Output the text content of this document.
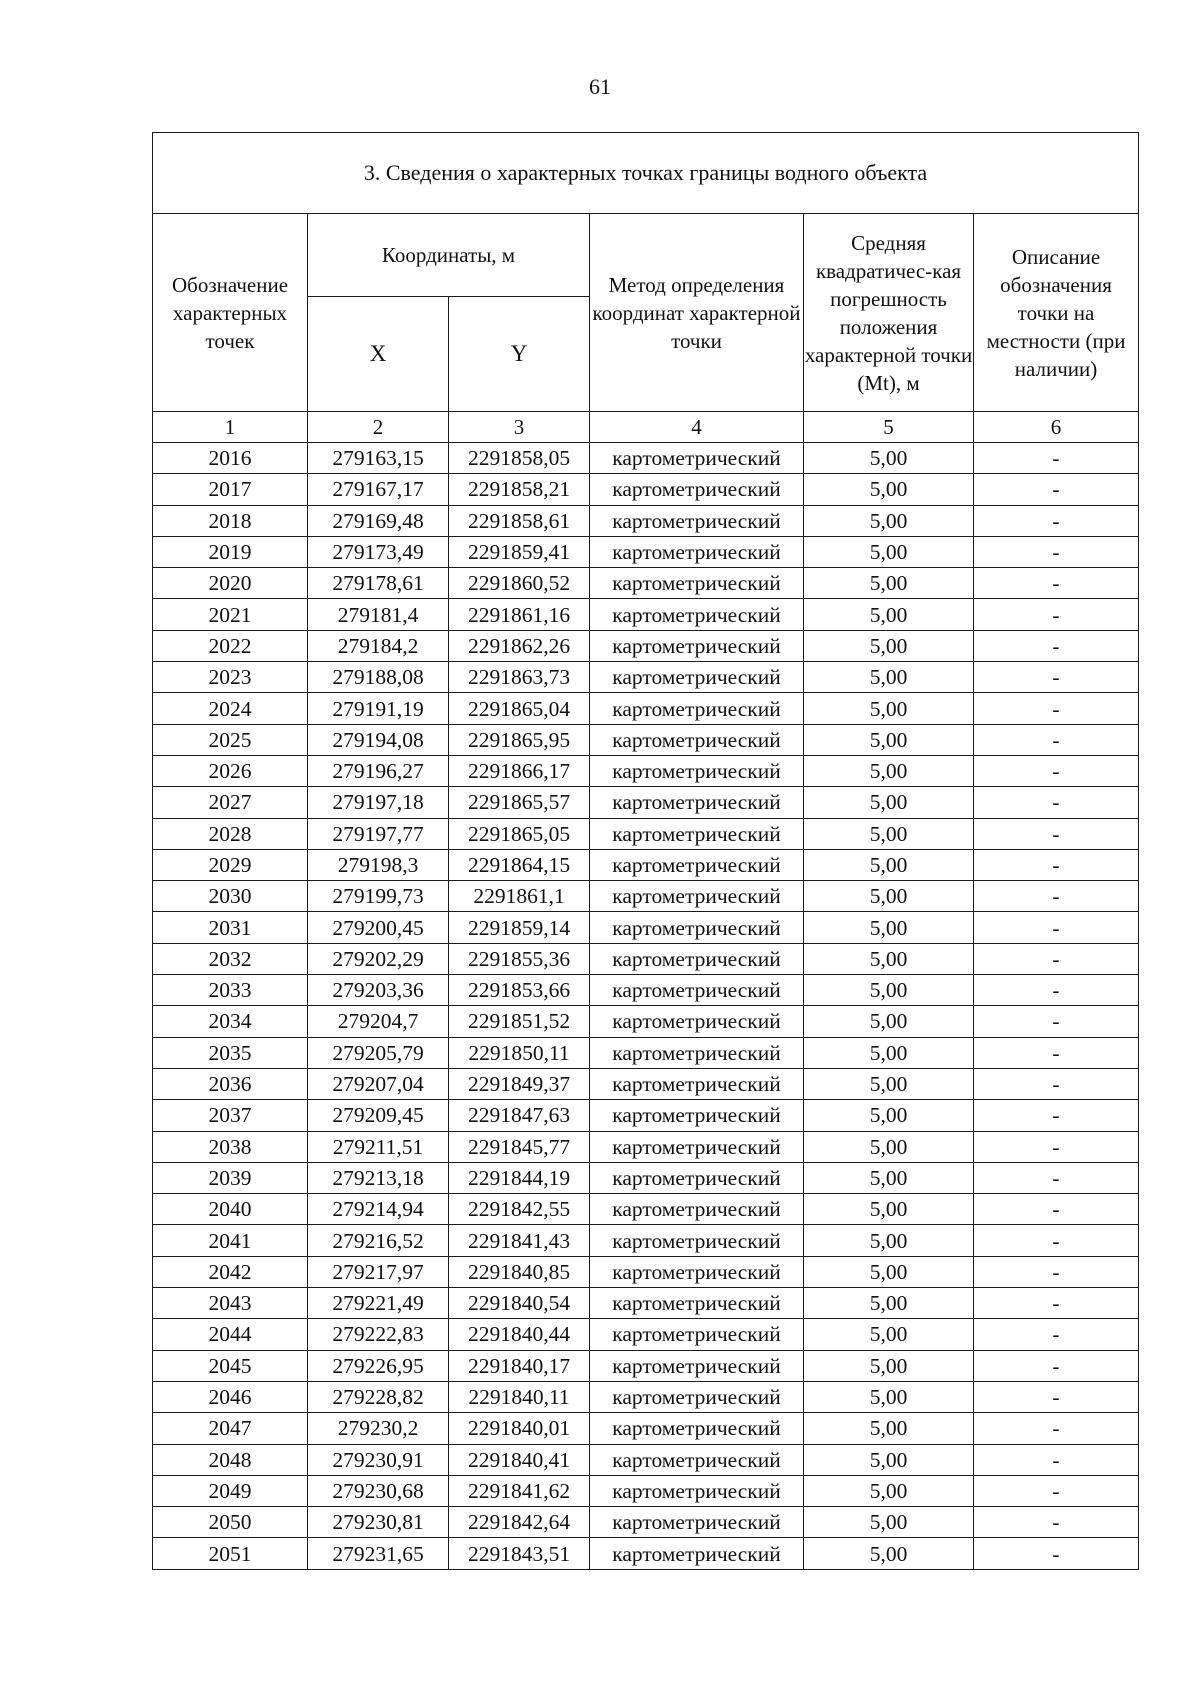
61
3. Сведения о характерных точках границы водного объекта					
Обозначение характерных точек	Координаты, м		Метод определения координат характерной точки	Средняя квадратичес-кая погрешность положения характерной точки (Mt), м	Описание обозначения точки на местности (при наличии)
	X	Y			
1	2	3	4	5	6
2016	279163,15	2291858,05	картометрический	5,00	-
2017	279167,17	2291858,21	картометрический	5,00	-
2018	279169,48	2291858,61	картометрический	5,00	-
2019	279173,49	2291859,41	картометрический	5,00	-
2020	279178,61	2291860,52	картометрический	5,00	-
2021	279181,4	2291861,16	картометрический	5,00	-
2022	279184,2	2291862,26	картометрический	5,00	-
2023	279188,08	2291863,73	картометрический	5,00	-
2024	279191,19	2291865,04	картометрический	5,00	-
2025	279194,08	2291865,95	картометрический	5,00	-
2026	279196,27	2291866,17	картометрический	5,00	-
2027	279197,18	2291865,57	картометрический	5,00	-
2028	279197,77	2291865,05	картометрический	5,00	-
2029	279198,3	2291864,15	картометрический	5,00	-
2030	279199,73	2291861,1	картометрический	5,00	-
2031	279200,45	2291859,14	картометрический	5,00	-
2032	279202,29	2291855,36	картометрический	5,00	-
2033	279203,36	2291853,66	картометрический	5,00	-
2034	279204,7	2291851,52	картометрический	5,00	-
2035	279205,79	2291850,11	картометрический	5,00	-
2036	279207,04	2291849,37	картометрический	5,00	-
2037	279209,45	2291847,63	картометрический	5,00	-
2038	279211,51	2291845,77	картометрический	5,00	-
2039	279213,18	2291844,19	картометрический	5,00	-
2040	279214,94	2291842,55	картометрический	5,00	-
2041	279216,52	2291841,43	картометрический	5,00	-
2042	279217,97	2291840,85	картометрический	5,00	-
2043	279221,49	2291840,54	картометрический	5,00	-
2044	279222,83	2291840,44	картометрический	5,00	-
2045	279226,95	2291840,17	картометрический	5,00	-
2046	279228,82	2291840,11	картометрический	5,00	-
2047	279230,2	2291840,01	картометрический	5,00	-
2048	279230,91	2291840,41	картометрический	5,00	-
2049	279230,68	2291841,62	картометрический	5,00	-
2050	279230,81	2291842,64	картометрический	5,00	-
2051	279231,65	2291843,51	картометрический	5,00	-
